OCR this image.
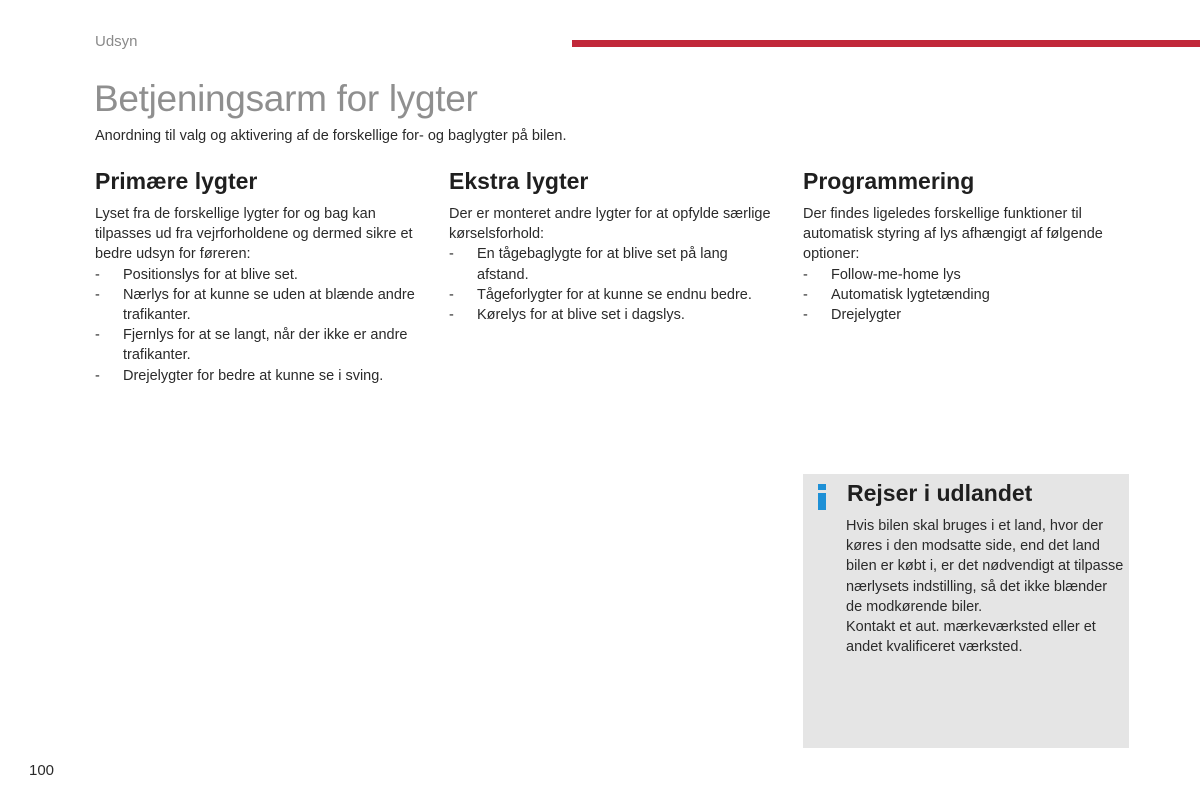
Udsyn
Betjeningsarm for lygter

Anordning til valg og aktivering af de forskellige for- og baglygter på bilen.

Primære lygter

Lyset fra de forskellige lygter for og bag kan tilpasses ud fra vejrforholdene og dermed sikre et bedre udsyn for føreren:

- Positionslys for at blive set.
- Nærlys for at kunne se uden at blænde andre trafikanter.
- Fjernlys for at se langt, når der ikke er andre trafikanter.
- Drejelygter for bedre at kunne se i sving.
Ekstra lygter

Der er monteret andre lygter for at opfylde særlige kørselsforhold:

- En tågebaglygte for at blive set på lang afstand.
- Tågeforlygter for at kunne se endnu bedre.
- Kørelys for at blive set i dagslys.
Programmering

Der findes ligeledes forskellige funktioner til automatisk styring af lys afhængigt af følgende optioner:

- Follow-me-home lys
- Automatisk lygtetænding
- Drejelygter
Rejser i udlandet

Hvis bilen skal bruges i et land, hvor der køres i den modsatte side, end det land bilen er købt i, er det nødvendigt at tilpasse nærlysets indstilling, så det ikke blænder de modkørende biler.
Kontakt et aut. mærkeværksted eller et andet kvalificeret værksted.

100
